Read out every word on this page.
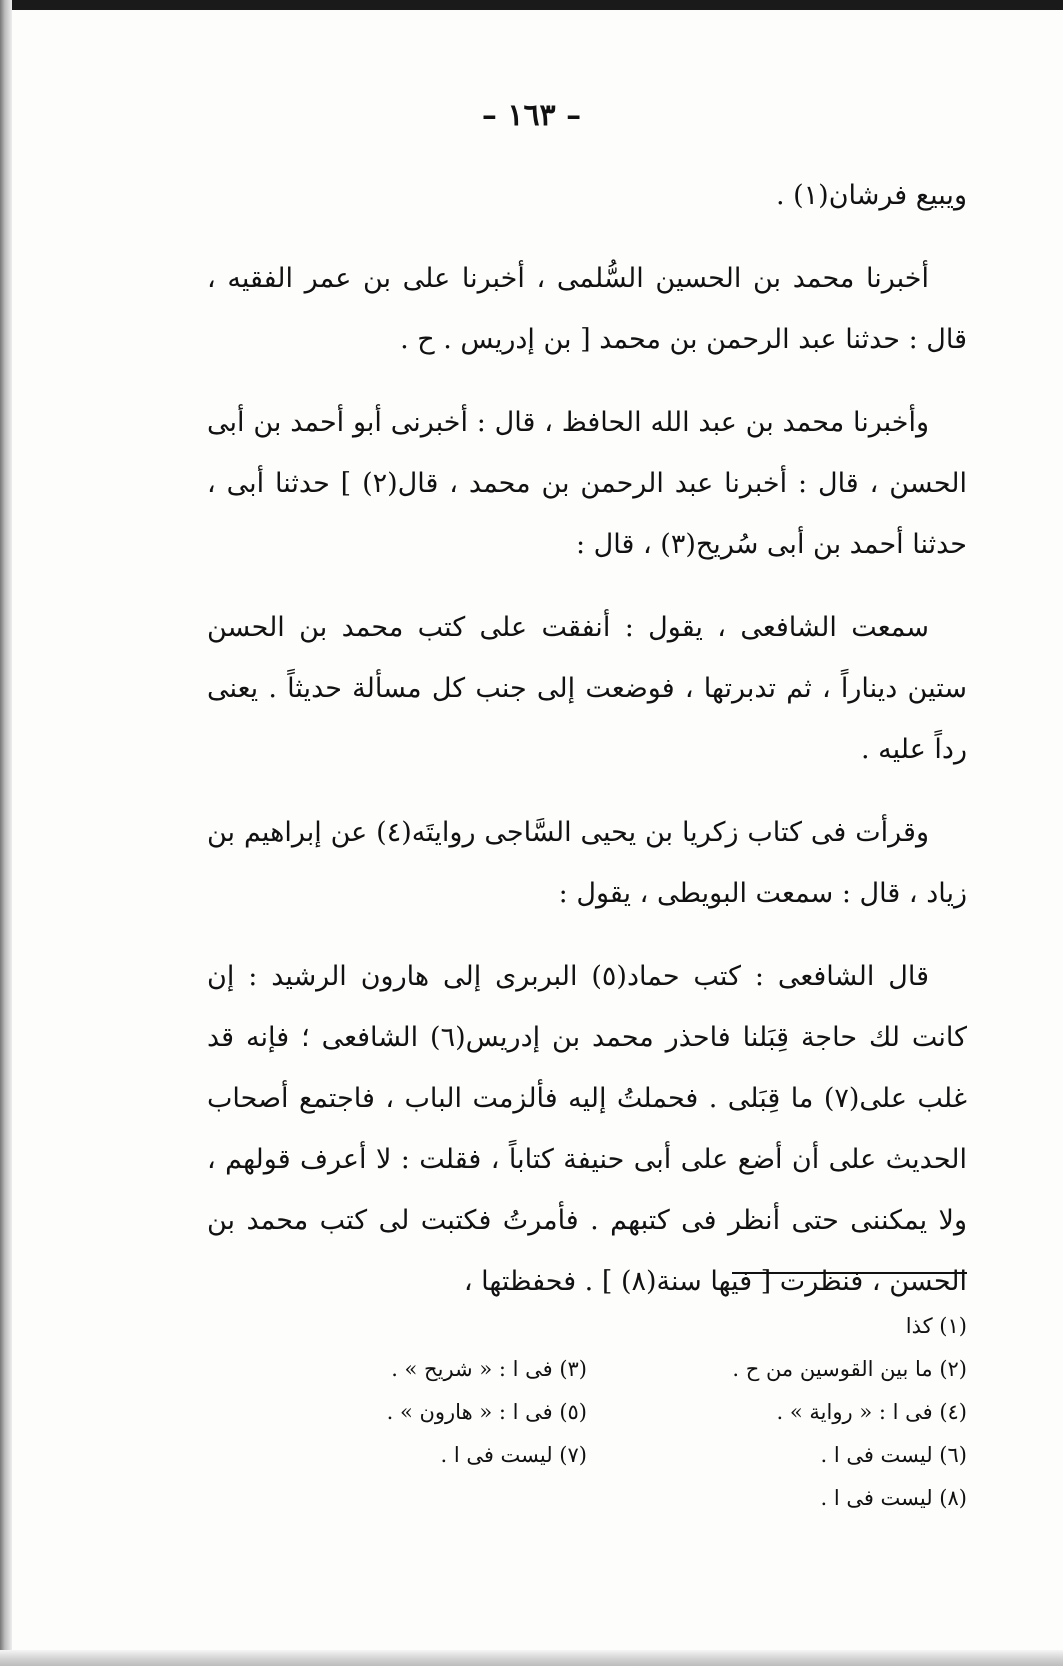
– ١٦٣ –

ويبيع فرشان(١) .

أخبرنا محمد بن الحسين السُّلمى ، أخبرنا على بن عمر الفقيه ، قال : حدثنا عبد الرحمن بن محمد [ بن إدريس . ح .

وأخبرنا محمد بن عبد الله الحافظ ، قال : أخبرنى أبو أحمد بن أبى الحسن ، قال : أخبرنا عبد الرحمن بن محمد ، قال(٢) ] حدثنا أبى ، حدثنا أحمد بن أبى سُريح(٣) ، قال :

سمعت الشافعى ، يقول : أنفقت على كتب محمد بن الحسن ستين ديناراً ، ثم تدبرتها ، فوضعت إلى جنب كل مسألة حديثاً . يعنى رداً عليه .

وقرأت فى كتاب زكريا بن يحيى السَّاجى روايتَه(٤) عن إبراهيم بن زياد ، قال : سمعت البويطى ، يقول :

قال الشافعى : كتب حماد(٥) البربرى إلى هارون الرشيد : إن كانت لك حاجة قِبَلنا فاحذر محمد بن إدريس(٦) الشافعى ؛ فإنه قد غلب على(٧) ما قِبَلى . فحملتُ إليه فألزمت الباب ، فاجتمع أصحاب الحديث على أن أضع على أبى حنيفة كتاباً ، فقلت : لا أعرف قولهم ، ولا يمكننى حتى أنظر فى كتبهم . فأمرتُ فكتبت لى كتب محمد بن الحسن ، فنظرت [ فيها سنة(٨) ] . فحفظتها ،

(١) كذا
(٢) ما بين القوسين من ح .
(٣) فى ا : « شريح » .
(٤) فى ا : « رواية » .
(٥) فى ا : « هارون » .
(٦) ليست فى ا .
(٧) ليست فى ا .
(٨) ليست فى ا .
